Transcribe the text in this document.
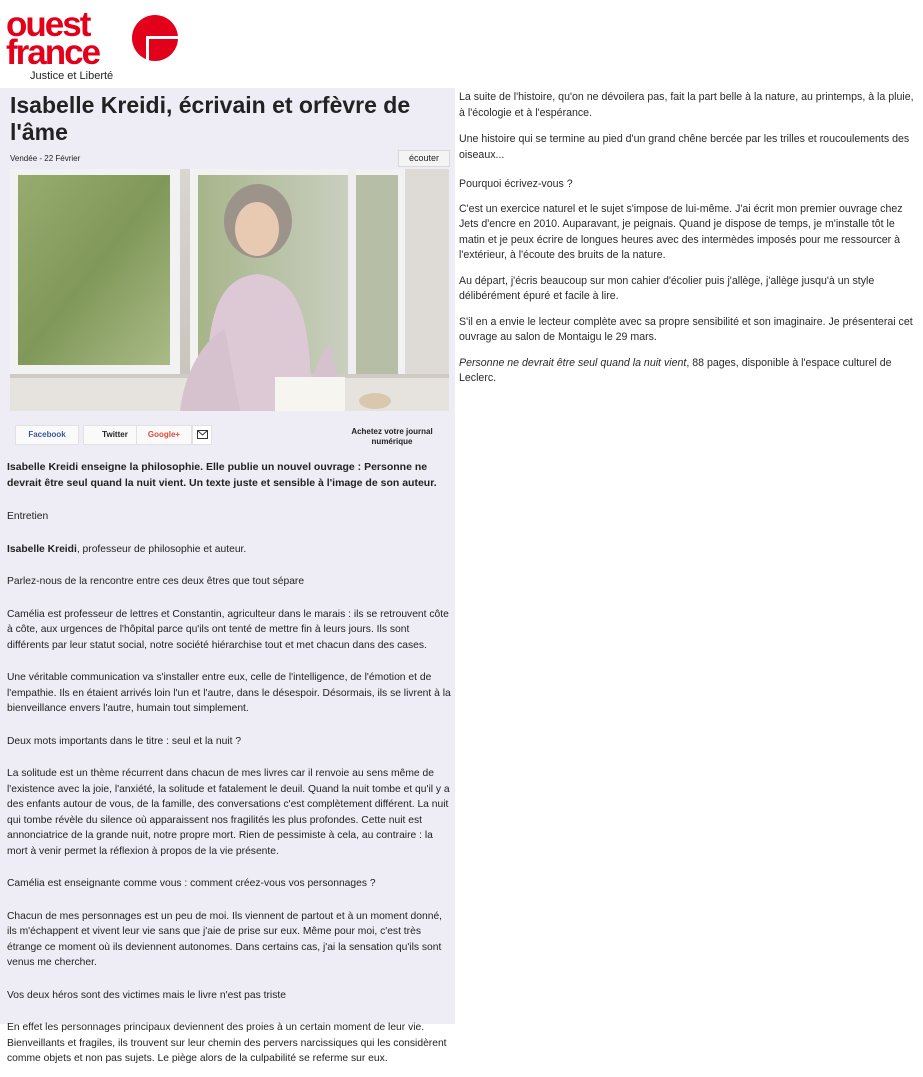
ouest
france
Justice et Liberté
Isabelle Kreidi, écrivain et orfèvre de l'âme
Vendée - 22 Février	écouter
Facebook	Twitter	Google+	Achetez votre journal numérique

Isabelle Kreidi enseigne la philosophie. Elle publie un nouvel ouvrage : Personne ne devrait être seul quand la nuit vient. Un texte juste et sensible à l'image de son auteur.

Entretien

Isabelle Kreidi, professeur de philosophie et auteur.

Parlez-nous de la rencontre entre ces deux êtres que tout sépare

Camélia est professeur de lettres et Constantin, agriculteur dans le marais : ils se retrouvent côte à côte, aux urgences de l'hôpital parce qu'ils ont tenté de mettre fin à leurs jours. Ils sont différents par leur statut social, notre société hiérarchise tout et met chacun dans des cases.

Une véritable communication va s'installer entre eux, celle de l'intelligence, de l'émotion et de l'empathie. Ils en étaient arrivés loin l'un et l'autre, dans le désespoir. Désormais, ils se livrent à la bienveillance envers l'autre, humain tout simplement.

Deux mots importants dans le titre : seul et la nuit ?

La solitude est un thème récurrent dans chacun de mes livres car il renvoie au sens même de l'existence avec la joie, l'anxiété, la solitude et fatalement le deuil. Quand la nuit tombe et qu'il y a des enfants autour de vous, de la famille, des conversations c'est complètement différent. La nuit qui tombe révèle du silence où apparaissent nos fragilités les plus profondes. Cette nuit est annonciatrice de la grande nuit, notre propre mort. Rien de pessimiste à cela, au contraire : la mort à venir permet la réflexion à propos de la vie présente.

Camélia est enseignante comme vous : comment créez-vous vos personnages ?

Chacun de mes personnages est un peu de moi. Ils viennent de partout et à un moment donné, ils m'échappent et vivent leur vie sans que j'aie de prise sur eux. Même pour moi, c'est très étrange ce moment où ils deviennent autonomes. Dans certains cas, j'ai la sensation qu'ils sont venus me chercher.

Vos deux héros sont des victimes mais le livre n'est pas triste

En effet les personnages principaux deviennent des proies à un certain moment de leur vie. Bienveillants et fragiles, ils trouvent sur leur chemin des pervers narcissiques qui les considèrent comme objets et non pas sujets. Le piège alors de la culpabilité se referme sur eux.

La suite de l'histoire, qu'on ne dévoilera pas, fait la part belle à la nature, au printemps, à la pluie, à l'écologie et à l'espérance.

Une histoire qui se termine au pied d'un grand chêne bercée par les trilles et roucoulements des oiseaux...

Pourquoi écrivez-vous ?

C'est un exercice naturel et le sujet s'impose de lui-même. J'ai écrit mon premier ouvrage chez Jets d'encre en 2010. Auparavant, je peignais. Quand je dispose de temps, je m'installe tôt le matin et je peux écrire de longues heures avec des intermèdes imposés pour me ressourcer à l'extérieur, à l'écoute des bruits de la nature.

Au départ, j'écris beaucoup sur mon cahier d'écolier puis j'allège, j'allège jusqu'à un style délibérément épuré et facile à lire.

S'il en a envie le lecteur complète avec sa propre sensibilité et son imaginaire. Je présenterai cet ouvrage au salon de Montaigu le 29 mars.

Personne ne devrait être seul quand la nuit vient, 88 pages, disponible à l'espace culturel de Leclerc.
